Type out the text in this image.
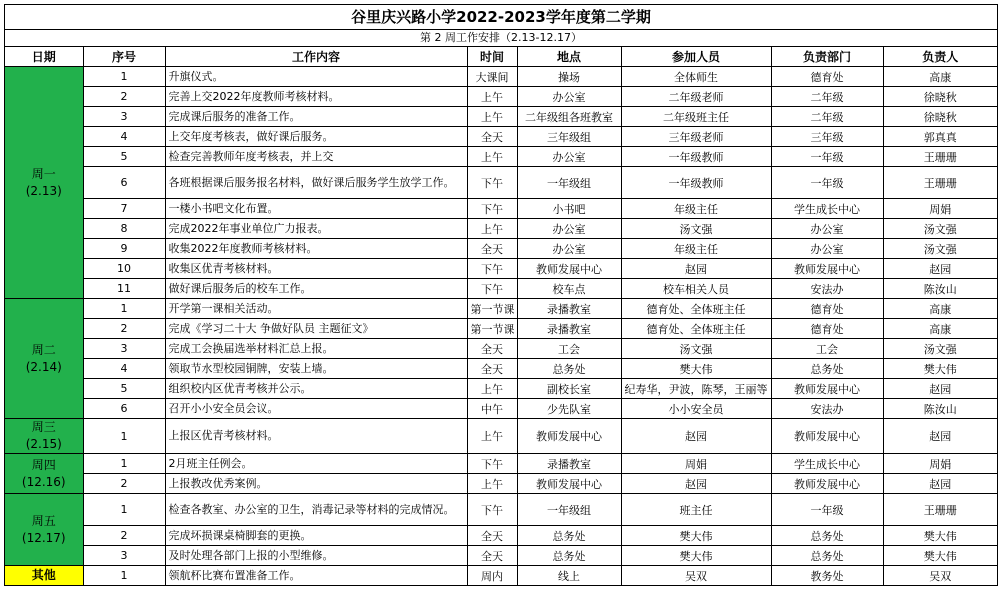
谷里庆兴路小学2022-2023学年度第二学期
第 2 周工作安排（2.13-12.17）
日期	序号	工作内容	时间	地点	参加人员	负责部门	负责人

周一
(2.13)	1	升旗仪式。	大课间	操场	全体师生	德育处	高康
	2	完善上交2022年度教师考核材料。	上午	办公室	二年级老师	二年级	徐晓秋
	3	完成课后服务的准备工作。	上午	二年级组各班教室	二年级班主任	二年级	徐晓秋
	4	上交年度考核表，做好课后服务。	全天	三年级组	三年级老师	三年级	郭真真
	5	检查完善教师年度考核表，并上交	上午	办公室	一年级教师	一年级	王珊珊
	6	各班根据课后服务报名材料，做好课后服务学生放学工作。	下午	一年级组	一年级教师	一年级	王珊珊
	7	一楼小书吧文化布置。	下午	小书吧	年级主任	学生成长中心	周娟
	8	完成2022年事业单位广力报表。	上午	办公室	汤文强	办公室	汤文强
	9	收集2022年度教师考核材料。	全天	办公室	年级主任	办公室	汤文强
	10	收集区优青考核材料。	下午	教师发展中心	赵园	教师发展中心	赵园
	11	做好课后服务后的校车工作。	下午	校车点	校车相关人员	安法办	陈汝山

周二
(2.14)	1	开学第一课相关活动。	第一节课	录播教室	德育处、全体班主任	德育处	高康
	2	完成《学习二十大 争做好队员 主题征文》	第一节课	录播教室	德育处、全体班主任	德育处	高康
	3	完成工会换届选举材料汇总上报。	全天	工会	汤文强	工会	汤文强
	4	领取节水型校园铜牌，安装上墙。	全天	总务处	樊大伟	总务处	樊大伟
	5	组织校内区优青考核并公示。	上午	副校长室	纪寿华，尹波，陈琴，王丽等	教师发展中心	赵园
	6	召开小小安全员会议。	中午	少先队室	小小安全员	安法办	陈汝山

周三
(2.15)	1	上报区优青考核材料。	上午	教师发展中心	赵园	教师发展中心	赵园

周四
(12.16)	1	2月班主任例会。	下午	录播教室	周娟	学生成长中心	周娟
	2	上报教改优秀案例。	上午	教师发展中心	赵园	教师发展中心	赵园

周五
(12.17)	1	检查各教室、办公室的卫生，消毒记录等材料的完成情况。	下午	一年级组	班主任	一年级	王珊珊
	2	完成坏损课桌椅脚套的更换。	全天	总务处	樊大伟	总务处	樊大伟
	3	及时处理各部门上报的小型维修。	全天	总务处	樊大伟	总务处	樊大伟

其他	1	领航杯比赛布置准备工作。	周内	线上	吴双	教务处	吴双
